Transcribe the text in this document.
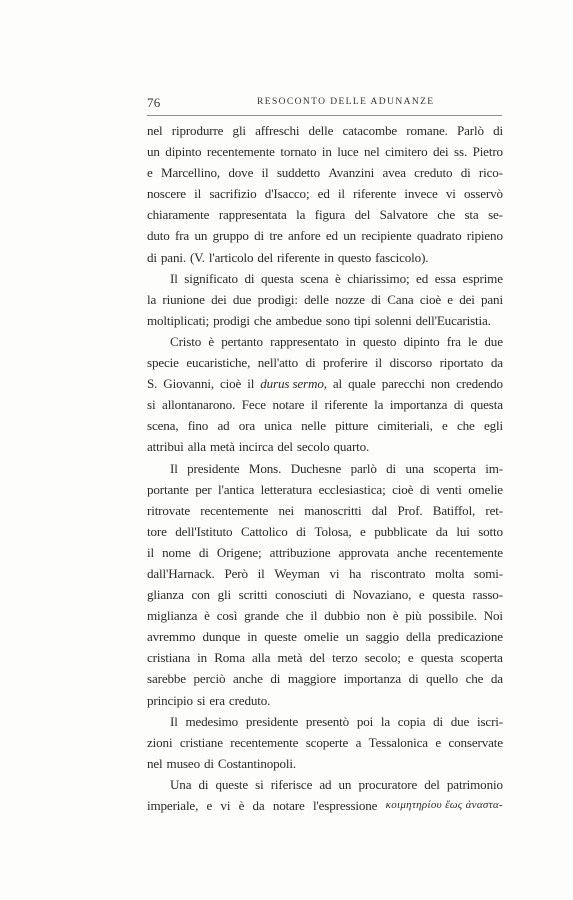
76	RESOCONTO DELLE ADUNANZE
nel riprodurre gli affreschi delle catacombe romane. Parlò di
un dipinto recentemente tornato in luce nel cimitero dei ss. Pietro
e Marcellino, dove il suddetto Avanzini avea creduto di rico-
noscere il sacrifizio d'Isacco; ed il riferente invece vi osservò
chiaramente rappresentata la figura del Salvatore che sta se-
duto fra un gruppo di tre anfore ed un recipiente quadrato ripieno
di pani. (V. l'articolo del riferente in questo fascicolo).
Il significato di questa scena è chiarissimo; ed essa esprime
la riunione dei due prodigi: delle nozze di Cana cioè e dei pani
moltiplicati; prodigi che ambedue sono tipi solenni dell'Eucaristia.
Cristo è pertanto rappresentato in questo dipinto fra le due
specie eucaristiche, nell'atto di proferire il discorso riportato da
S. Giovanni, cioè il durus sermo, al quale parecchi non credendo
si allontanarono. Fece notare il riferente la importanza di questa
scena, fino ad ora unica nelle pitture cimiteriali, e che egli
attribuì alla metà incirca del secolo quarto.
Il presidente Mons. Duchesne parlò di una scoperta im-
portante per l'antica letteratura ecclesiastica; cioè di venti omelie
ritrovate recentemente nei manoscritti dal Prof. Batiffol, ret-
tore dell'Istituto Cattolico di Tolosa, e pubblicate da lui sotto
il nome di Origene; attribuzione approvata anche recentemente
dall'Harnack. Però il Weyman vi ha riscontrato molta somi-
glianza con gli scritti conosciuti di Novaziano, e questa rasso-
miglianza è così grande che il dubbio non è più possibile. Noi
avremmo dunque in queste omelie un saggio della predicazione
cristiana in Roma alla metà del terzo secolo; e questa scoperta
sarebbe perciò anche di maggiore importanza di quello che da
principio si era creduto.
Il medesimo presidente presentò poi la copia di due iscri-
zioni cristiane recentemente scoperte a Tessalonica e conservate
nel museo di Costantinopoli.
Una di queste si riferisce ad un procuratore del patrimonio
imperiale, e vi è da notare l'espressione κοιμητηρίου ἕως ἀναστα-
